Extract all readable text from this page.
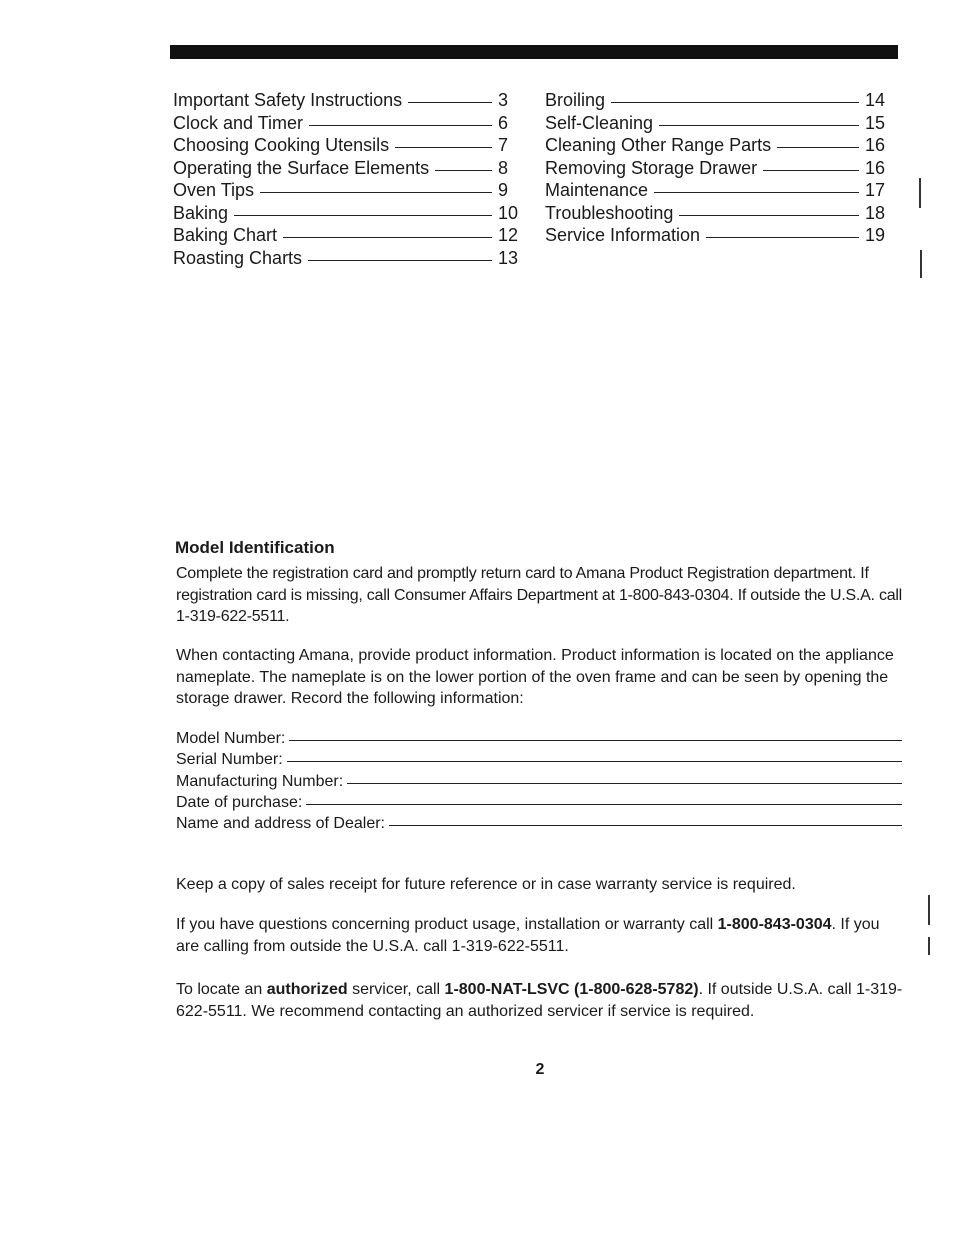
Important Safety Instructions	3
Clock and Timer	6
Choosing Cooking Utensils	7
Operating the Surface Elements	8
Oven Tips	9
Baking	10
Baking Chart	12
Roasting Charts	13
Broiling	14
Self-Cleaning	15
Cleaning Other Range Parts	16
Removing Storage Drawer	16
Maintenance	17
Troubleshooting	18
Service Information	19
Model Identification

Complete the registration card and promptly return card to Amana Product Registration department. If registration card is missing, call Consumer Affairs Department at 1-800-843-0304. If outside the U.S.A. call 1-319-622-5511.

When contacting Amana, provide product information. Product information is located on the appliance nameplate. The nameplate is on the lower portion of the oven frame and can be seen by opening the storage drawer. Record the following information:

Model Number:
Serial Number:
Manufacturing Number:
Date of purchase:
Name and address of Dealer:

Keep a copy of sales receipt for future reference or in case warranty service is required.

If you have questions concerning product usage, installation or warranty call 1-800-843-0304. If you are calling from outside the U.S.A. call 1-319-622-5511.

To locate an authorized servicer, call 1-800-NAT-LSVC (1-800-628-5782). If outside U.S.A. call 1-319-622-5511. We recommend contacting an authorized servicer if service is required.

2
